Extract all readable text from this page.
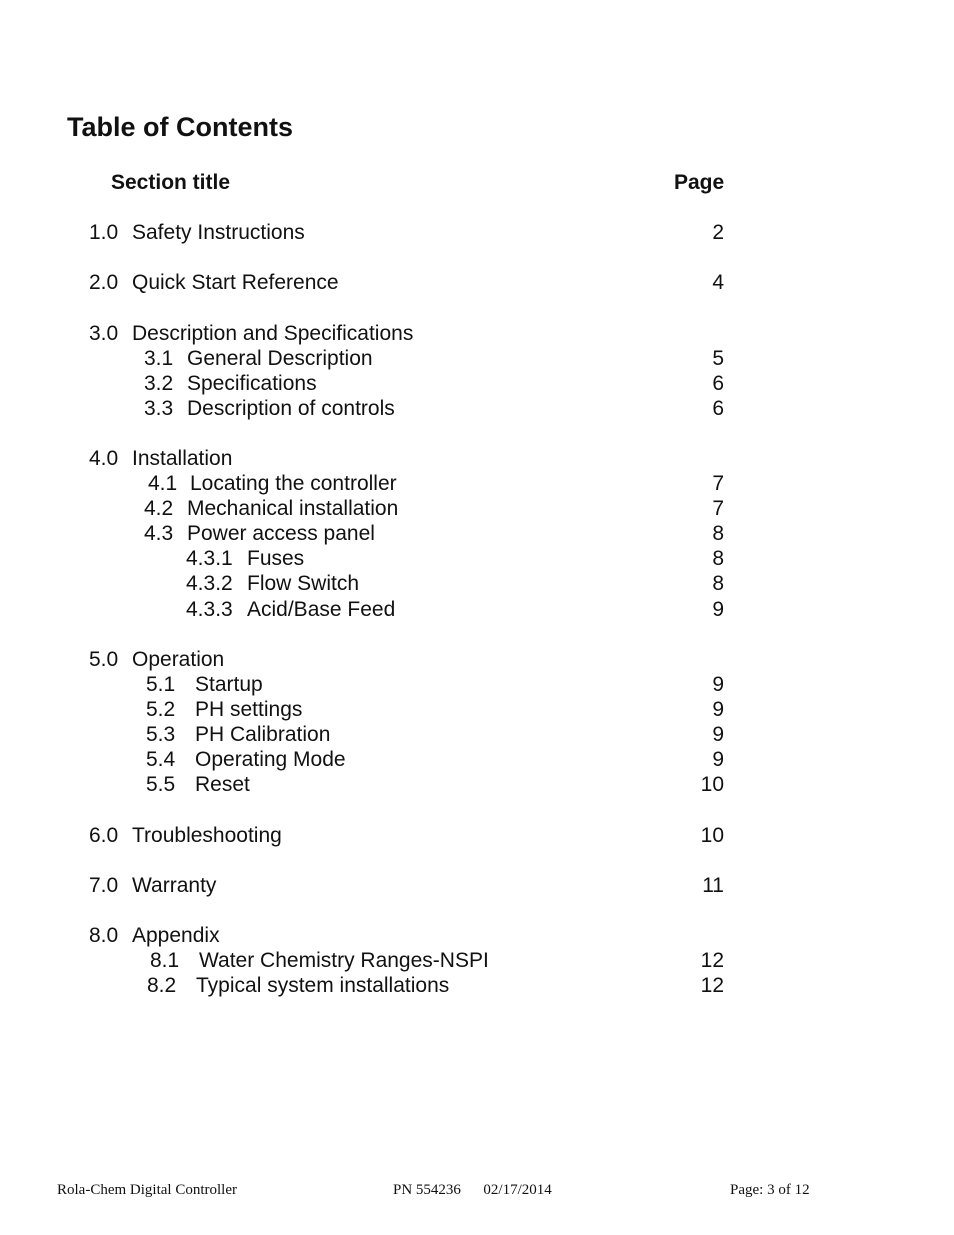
Table of Contents
Section title	Page
1.0 Safety Instructions	2
2.0 Quick Start Reference	4
3.0 Description and Specifications
3.1 General Description	5
3.2 Specifications	6
3.3 Description of controls	6
4.0 Installation
4.1 Locating the controller	7
4.2 Mechanical installation	7
4.3 Power access panel	8
4.3.1 Fuses	8
4.3.2 Flow Switch	8
4.3.3 Acid/Base Feed	9
5.0 Operation
5.1 Startup	9
5.2 PH settings	9
5.3 PH Calibration	9
5.4 Operating Mode	9
5.5 Reset	10
6.0 Troubleshooting	10
7.0 Warranty	11
8.0 Appendix
8.1 Water Chemistry Ranges-NSPI	12
8.2 Typical system installations	12
Rola-Chem Digital Controller	PN 554236      02/17/2014	Page: 3 of 12
